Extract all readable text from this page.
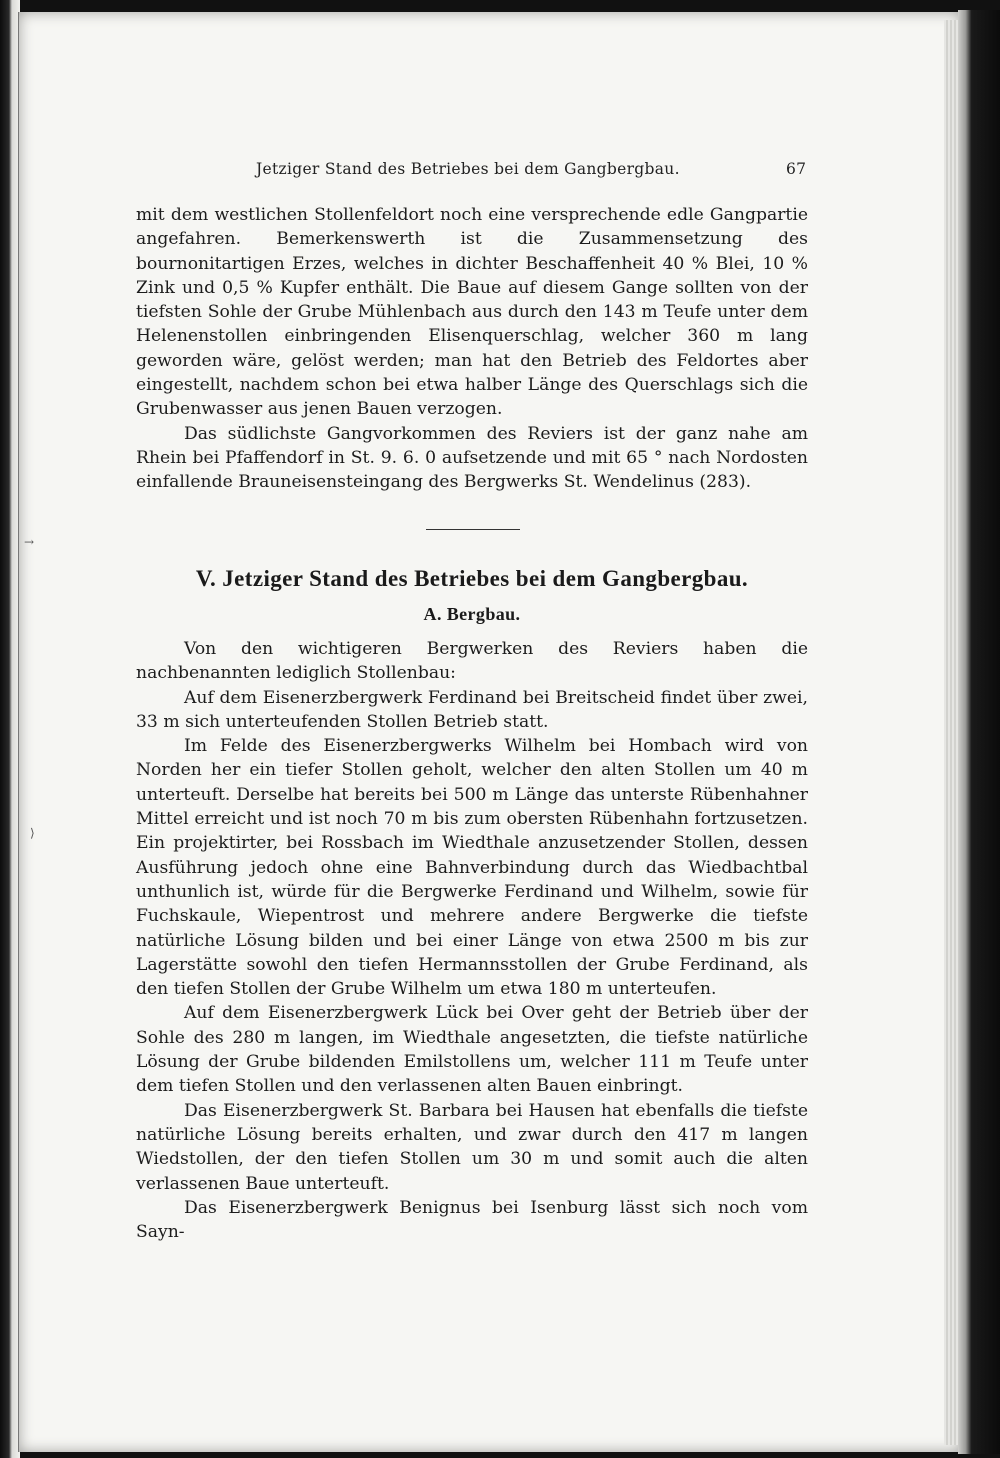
Jetziger Stand des Betriebes bei dem Gangbergbau.	67

mit dem westlichen Stollenfeldort noch eine versprechende edle Gangpartie angefahren. Bemerkenswerth ist die Zusammensetzung des bournonitartigen Erzes, welches in dichter Beschaffenheit 40 % Blei, 10 % Zink und 0,5 % Kupfer enthält. Die Baue auf diesem Gange sollten von der tiefsten Sohle der Grube Mühlenbach aus durch den 143 m Teufe unter dem Helenenstollen einbringenden Elisenquerschlag, welcher 360 m lang geworden wäre, gelöst werden; man hat den Betrieb des Feldortes aber eingestellt, nachdem schon bei etwa halber Länge des Querschlags sich die Grubenwasser aus jenen Bauen verzogen.

Das südlichste Gangvorkommen des Reviers ist der ganz nahe am Rhein bei Pfaffendorf in St. 9. 6. 0 aufsetzende und mit 65 ° nach Nordosten einfallende Brauneisensteingang des Bergwerks St. Wendelinus (283).

V. Jetziger Stand des Betriebes bei dem Gangbergbau.
A. Bergbau.

Von den wichtigeren Bergwerken des Reviers haben die nachbenannten lediglich Stollenbau:

Auf dem Eisenerzbergwerk Ferdinand bei Breitscheid findet über zwei, 33 m sich unterteufenden Stollen Betrieb statt.

Im Felde des Eisenerzbergwerks Wilhelm bei Hombach wird von Norden her ein tiefer Stollen geholt, welcher den alten Stollen um 40 m unterteuft. Derselbe hat bereits bei 500 m Länge das unterste Rübenhahner Mittel erreicht und ist noch 70 m bis zum obersten Rübenhahn fortzusetzen. Ein projektirter, bei Rossbach im Wiedthale anzusetzender Stollen, dessen Ausführung jedoch ohne eine Bahnverbindung durch das Wiedbachtbal unthunlich ist, würde für die Bergwerke Ferdinand und Wilhelm, sowie für Fuchskaule, Wiepentrost und mehrere andere Bergwerke die tiefste natürliche Lösung bilden und bei einer Länge von etwa 2500 m bis zur Lagerstätte sowohl den tiefen Hermannsstollen der Grube Ferdinand, als den tiefen Stollen der Grube Wilhelm um etwa 180 m unterteufen.

Auf dem Eisenerzbergwerk Lück bei Over geht der Betrieb über der Sohle des 280 m langen, im Wiedthale angesetzten, die tiefste natürliche Lösung der Grube bildenden Emilstollens um, welcher 111 m Teufe unter dem tiefen Stollen und den verlassenen alten Bauen einbringt.

Das Eisenerzbergwerk St. Barbara bei Hausen hat ebenfalls die tiefste natürliche Lösung bereits erhalten, und zwar durch den 417 m langen Wiedstollen, der den tiefen Stollen um 30 m und somit auch die alten verlassenen Baue unterteuft.

Das Eisenerzbergwerk Benignus bei Isenburg lässt sich noch vom Sayn-

→
⟩
